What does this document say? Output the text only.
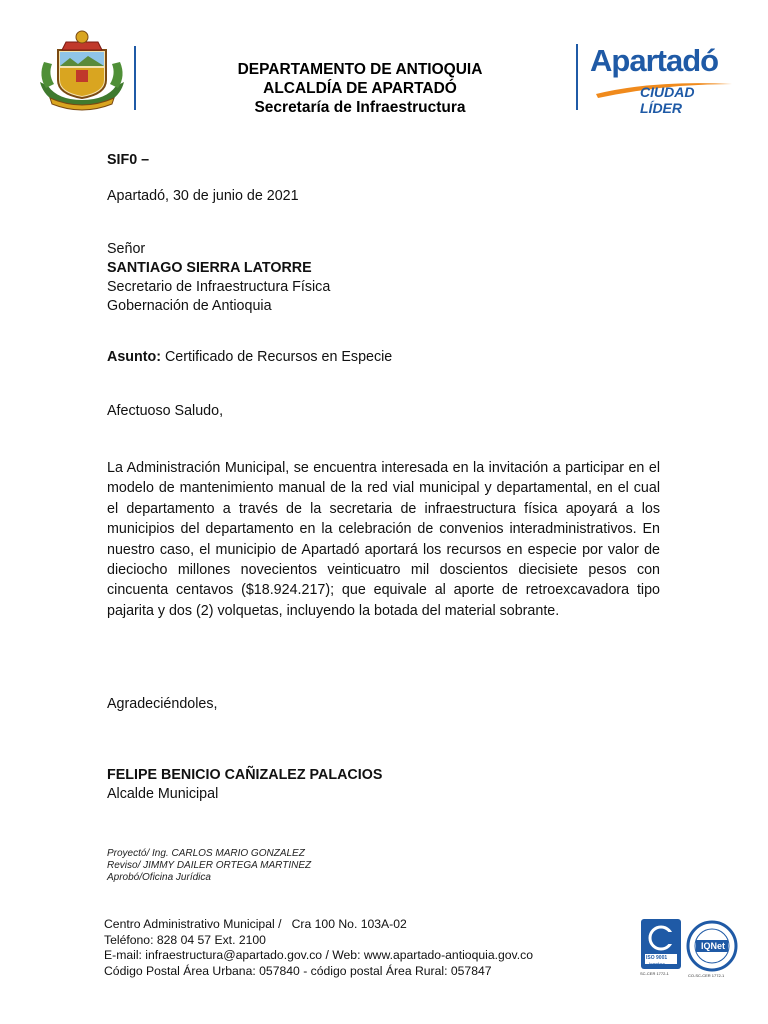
DEPARTAMENTO DE ANTIOQUIA
ALCALDÍA DE APARTADÓ
Secretaría de Infraestructura
Apartadó
CIUDAD LÍDER
SIF0 –
Apartadó, 30 de junio de 2021
Señor
SANTIAGO SIERRA LATORRE
Secretario de Infraestructura Física
Gobernación de Antioquia
Asunto: Certificado de Recursos en Especie
Afectuoso Saludo,
La Administración Municipal, se encuentra interesada en la invitación a participar en el modelo de mantenimiento manual de la red vial municipal y departamental, en el cual el departamento a través de la secretaria de infraestructura física apoyará a los municipios del departamento en la celebración de convenios interadministrativos. En nuestro caso, el municipio de Apartadó aportará los recursos en especie por valor de dieciocho millones novecientos veinticuatro mil doscientos diecisiete pesos con cincuenta centavos ($18.924.217); que equivale al aporte de retroexcavadora tipo pajarita y dos (2) volquetas, incluyendo la botada del material sobrante.
Agradeciéndoles,
FELIPE BENICIO CAÑIZALEZ PALACIOS
Alcalde Municipal
Proyectó/ Ing. CARLOS MARIO GONZALEZ
Reviso/ JIMMY DAILER ORTEGA MARTINEZ
Aprobó/Oficina Jurídica
Centro Administrativo Municipal /   Cra 100 No. 103A-02
Teléfono: 828 04 57 Ext. 2100
E-mail: infraestructura@apartado.gov.co / Web: www.apartado-antioquia.gov.co
Código Postal Área Urbana: 057840 - código postal Área Rural: 057847
ISO 9001
icontec
SC-CER 1772-1
IQNet
CO-SC-CER 1772-1
